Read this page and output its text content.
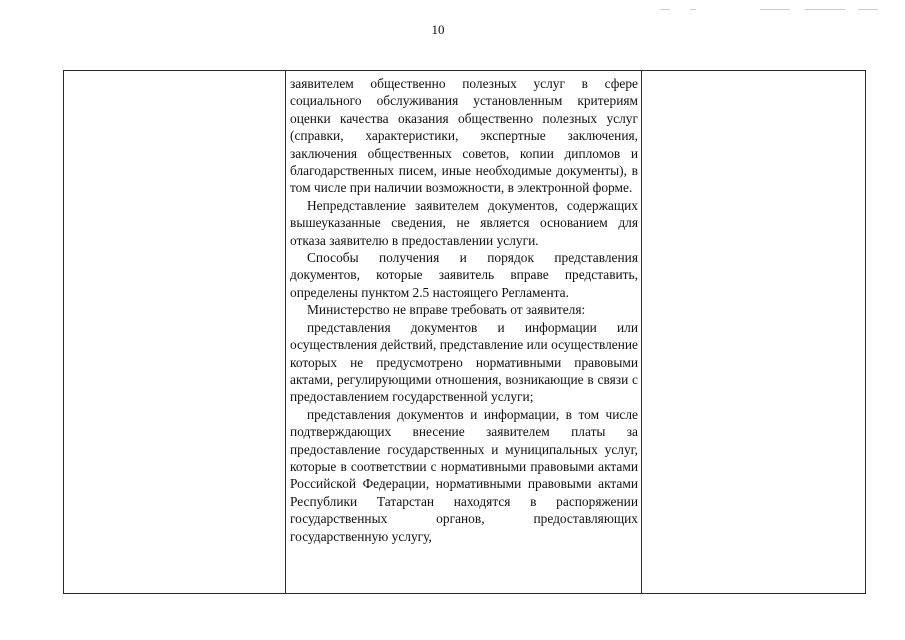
10

заявителем общественно полезных услуг в сфере социального обслуживания установленным критериям оценки качества оказания общественно полезных услуг (справки, характеристики, экспертные заключения, заключения общественных советов, копии дипломов и благодарственных писем, иные необходимые документы), в том числе при наличии возможности, в электронной форме.

Непредставление заявителем документов, содержащих вышеуказанные сведения, не является основанием для отказа заявителю в предоставлении услуги.

Способы получения и порядок представления документов, которые заявитель вправе представить, определены пунктом 2.5 настоящего Регламента.

Министерство не вправе требовать от заявителя:

представления документов и информации или осуществления действий, представление или осуществление которых не предусмотрено нормативными правовыми актами, регулирующими отношения, возникающие в связи с предоставлением государственной услуги;

представления документов и информации, в том числе подтверждающих внесение заявителем платы за предоставление государственных и муниципальных услуг, которые в соответствии с нормативными правовыми актами Российской Федерации, нормативными правовыми актами Республики Татарстан находятся в распоряжении государственных органов, предоставляющих государственную услугу,
